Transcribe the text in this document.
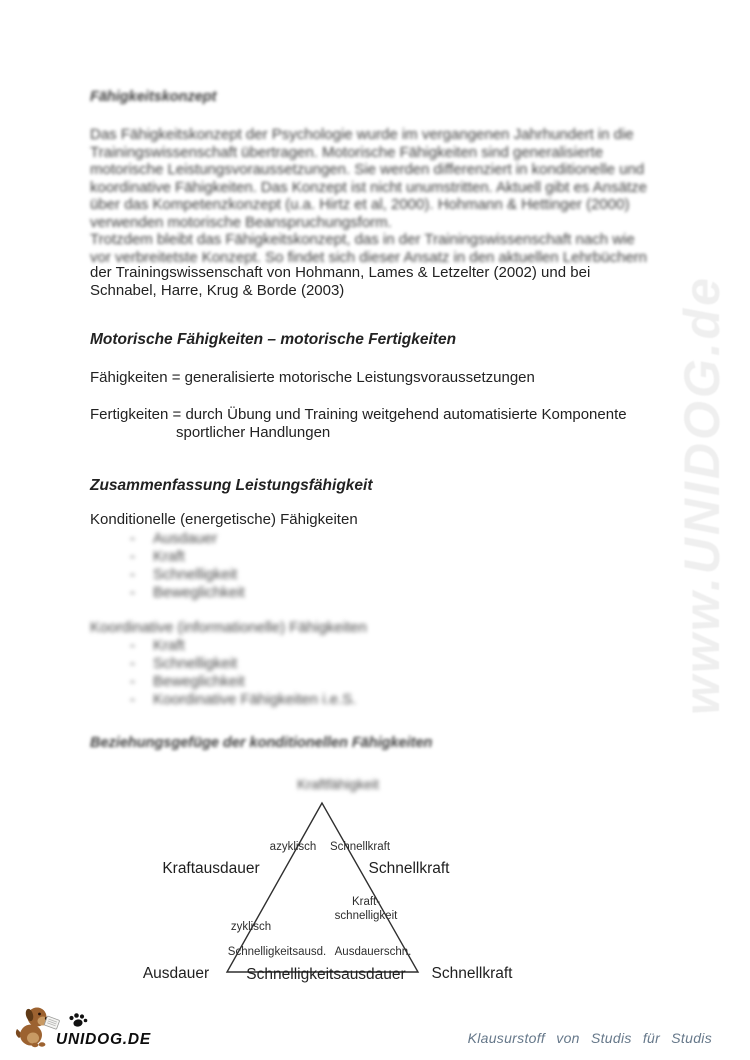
Fähigkeitskonzept
Das Fähigkeitskonzept der Psychologie wurde im vergangenen Jahrhundert in die
Trainingswissenschaft übertragen. Motorische Fähigkeiten sind generalisierte
motorische Leistungsvoraussetzungen. Sie werden differenziert in konditionelle und
koordinative Fähigkeiten. Das Konzept ist nicht unumstritten. Aktuell gibt es Ansätze
über das Kompetenzkonzept (u.a. Hirtz et al, 2000). Hohmann & Hettinger (2000)
verwenden motorische Beanspruchungsform.
Trotzdem bleibt das Fähigkeitskonzept, das in der Trainingswissenschaft nach wie
vor verbreitetste Konzept. So findet sich dieser Ansatz in den aktuellen Lehrbüchern
der Trainingswissenschaft von Hohmann, Lames & Letzelter (2002) und bei
Schnabel, Harre, Krug & Borde (2003)
Motorische Fähigkeiten – motorische Fertigkeiten
Fähigkeiten = generalisierte motorische Leistungsvoraussetzungen
Fertigkeiten = durch Übung und Training weitgehend automatisierte Komponente
sportlicher Handlungen
Zusammenfassung Leistungsfähigkeit
Konditionelle (energetische) Fähigkeiten
- Ausdauer
- Kraft
- Schnelligkeit
- Beweglichkeit
Koordinative (informationelle) Fähigkeiten
- Kraft
- Schnelligkeit
- Beweglichkeit
- Koordinative Fähigkeiten i.e.S.
Beziehungsgefüge der konditionellen Fähigkeiten
Kraftfähigkeit
azyklisch Schnellkraft
Kraftausdauer	Schnellkraft
Kraft-
schnelligkeit
zyklisch
Schnelligkeitsausd. Ausdauerschn.
Ausdauer Schnelligkeitsausdauer Schnellkraft
www.UNIDOG.de
UNIDOG.DE	Klausurstoff von Studis für Studis
